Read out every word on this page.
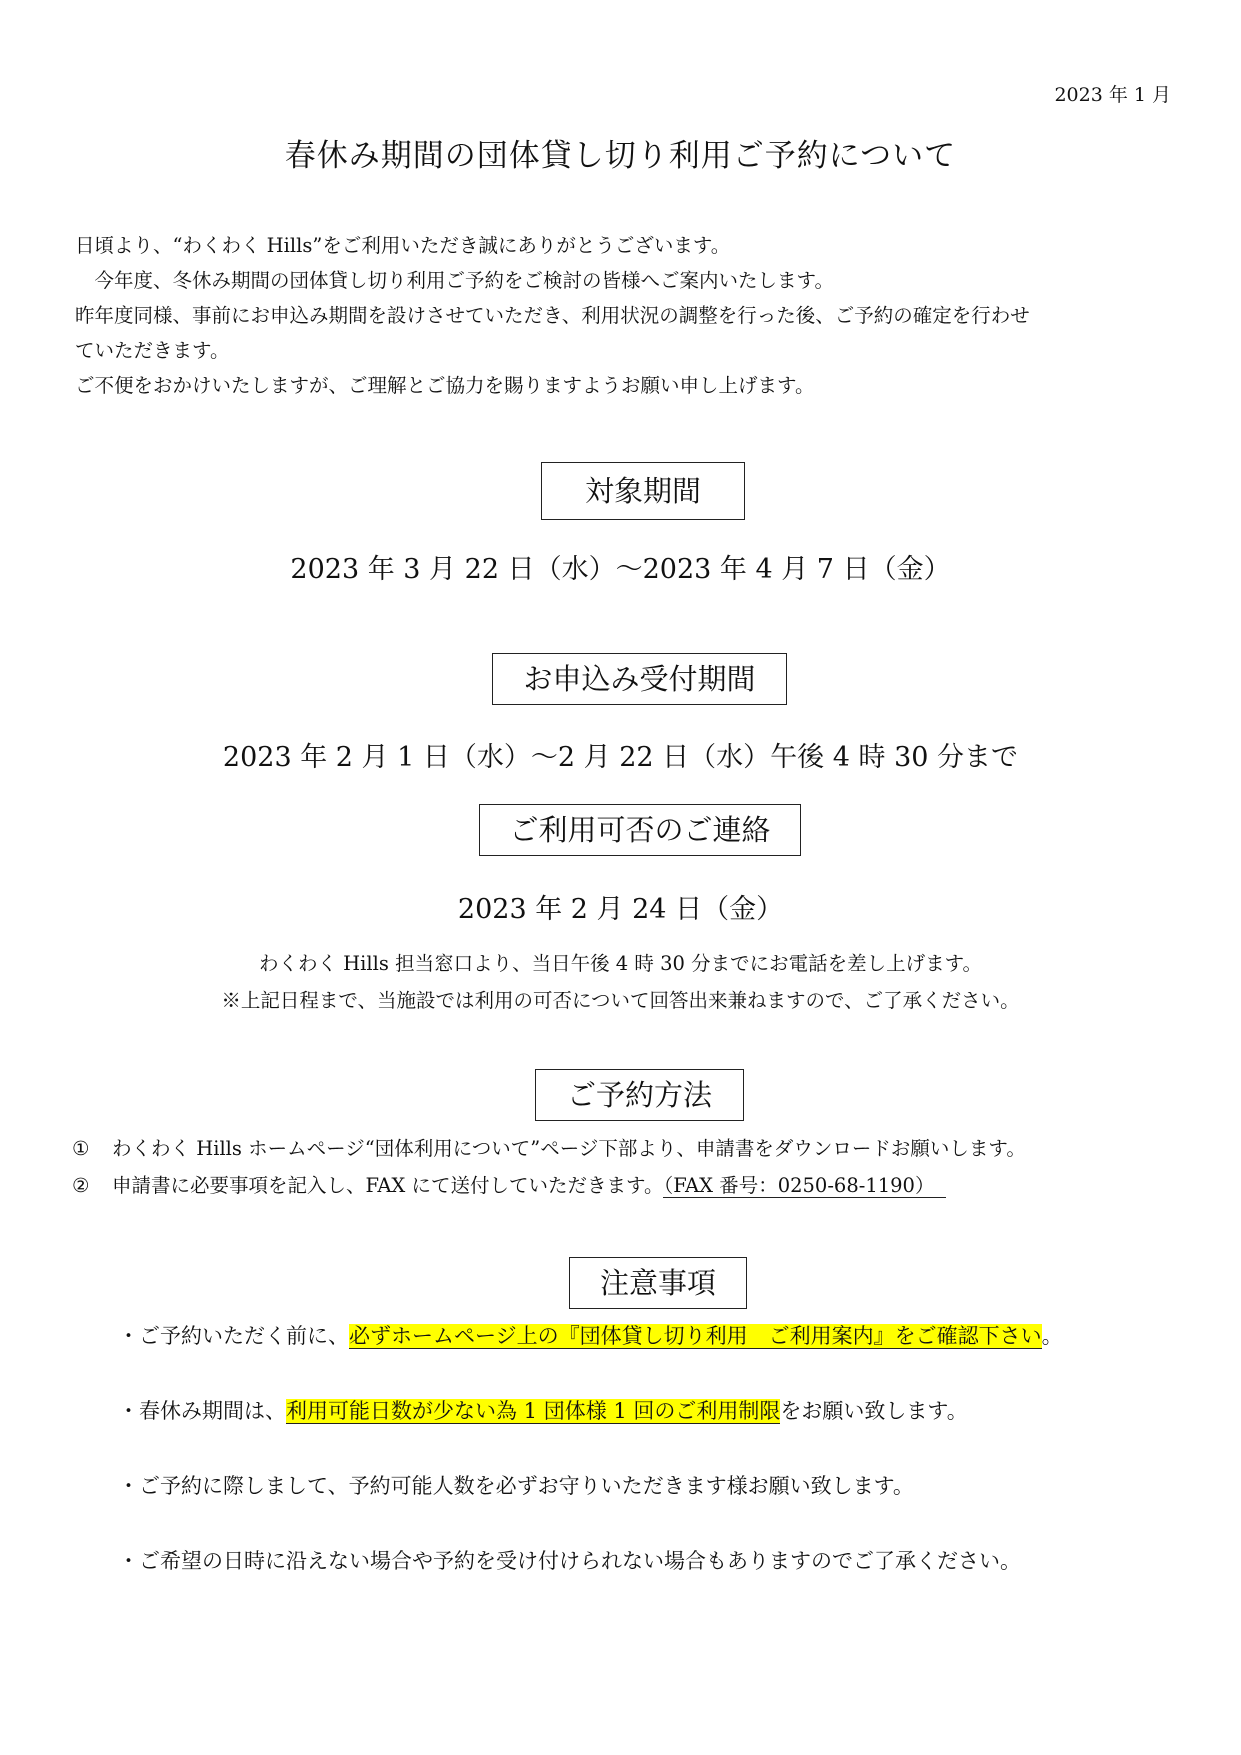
2023 年 1 月
春休み期間の団体貸し切り利用ご予約について

日頃より、“わくわく Hills”をご利用いただき誠にありがとうございます。

　今年度、冬休み期間の団体貸し切り利用ご予約をご検討の皆様へご案内いたします。

昨年度同様、事前にお申込み期間を設けさせていただき、利用状況の調整を行った後、ご予約の確定を行わせ

ていただきます。

ご不便をおかけいたしますが、ご理解とご協力を賜りますようお願い申し上げます。

対象期間
2023 年 3 月 22 日（水）～2023 年 4 月 7 日（金）
お申込み受付期間
2023 年 2 月 1 日（水）～2 月 22 日（水）午後 4 時 30 分まで
ご利用可否のご連絡
2023 年 2 月 24 日（金）
わくわく Hills 担当窓口より、当日午後 4 時 30 分までにお電話を差し上げます。
※上記日程まで、当施設では利用の可否について回答出来兼ねますので、ご了承ください。
ご予約方法
① わくわく Hills ホームページ“団体利用について”ページ下部より、申請書をダウンロードお願いします。
② 申請書に必要事項を記入し、FAX にて送付していただきます。（FAX 番号：0250-68-1190）
注意事項
・ご予約いただく前に、必ずホームページ上の『団体貸し切り利用　ご利用案内』をご確認下さい。
・春休み期間は、利用可能日数が少ない為 1 団体様 1 回のご利用制限をお願い致します。
・ご予約に際しまして、予約可能人数を必ずお守りいただきます様お願い致します。
・ご希望の日時に沿えない場合や予約を受け付けられない場合もありますのでご了承ください。
